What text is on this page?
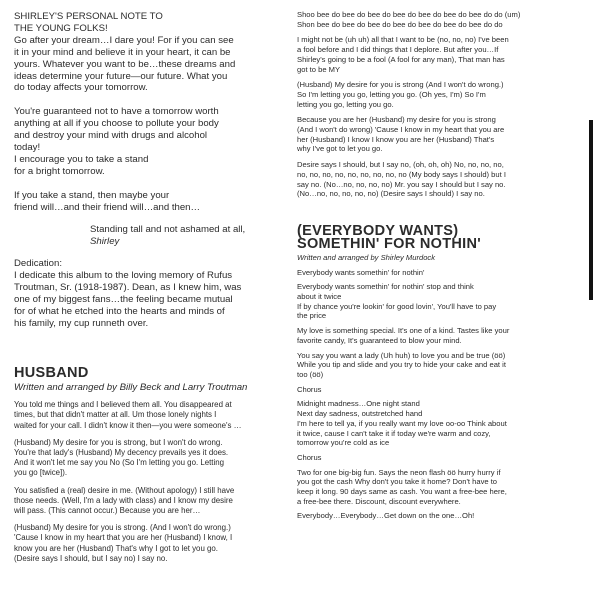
SHIRLEY'S PERSONAL NOTE TO
THE YOUNG FOLKS!

Go after your dream…I dare you! For if you can see
it in your mind and believe it in your heart, it can be
yours. Whatever you want to be…these dreams and
ideas determine your future—our future. What you
do today affects your tomorrow.

You're guaranteed not to have a tomorrow worth
anything at all if you choose to pollute your body
and destroy your mind with drugs and alcohol
today!

I encourage you to take a stand
for a bright tomorrow.

If you take a stand, then maybe your
friend will…and their friend will…and then…

Standing tall and not ashamed at all,
Shirley

Dedication:
I dedicate this album to the loving memory of Rufus
Troutman, Sr. (1918-1987). Dean, as I knew him, was
one of my biggest fans…the feeling became mutual
for of what he etched into the hearts and minds of
his family, my cup runneth over.

HUSBAND

Written and arranged by Billy Beck and Larry Troutman

You told me things and I believed them all. You disappeared at
times, but that didn't matter at all. Um those lonely nights I
waited for your call. I didn't know it then—you were someone's …

(Husband) My desire for you is strong, but I won't do wrong.
You're that lady's (Husband) My decency prevails yes it does.
And it won't let me say you No (So I'm letting you go. Letting
you go [twice]).

You satisfied a (real) desire in me. (Without apology) I still have
those needs. (Well, I'm a lady with class) and I know my desire
will pass. (This cannot occur.) Because you are her…

(Husband) My desire for you is strong. (And I won't do wrong.)
'Cause I know in my heart that you are her (Husband) I know, I
know you are her (Husband) That's why I got to let you go.
(Desire says I should, but I say no) I say no.

Shoo bee do bee do bee do bee do bee do bee do bee do do (um)
Shon bee do bee do bee do bee do bee do bee do bee do do

I might not be (uh uh) all that I want to be (no, no, no) I've been
a fool before and I did things that I deplore. But after you…If
Shirley's going to be a fool (A fool for any man), That man has
got to be MY

(Husband) My desire for you is strong (And I won't do wrong.)
So I'm letting you go, letting you go. (Oh yes, I'm) So I'm
letting you go, letting you go.

Because you are her (Husband) my desire for you is strong
(And I won't do wrong) 'Cause I know in my heart that you are
her (Husband) I know I know you are her (Husband) That's
why I've got to let you go.

Desire says I should, but I say no, (oh, oh, oh) No, no, no, no,
no, no, no, no, no, no, no, no, no (My body says I should) but I
say no. (No…no, no, no, no) Mr. you say I should but I say no.
(No…no, no, no, no, no) (Desire says I should) I say no.

(EVERYBODY WANTS)
SOMETHIN' FOR NOTHIN'

Written and arranged by Shirley Murdock

Everybody wants somethin' for nothin'

Everybody wants somethin' for nothin' stop and think
about it twice
If by chance you're lookin' for good lovin', You'll have to pay
the price

My love is something special. It's one of a kind. Tastes like your
favorite candy, It's guaranteed to blow your mind.

You say you want a lady (Uh huh) to love you and be true (öö)
While you tip and slide and you try to hide your cake and eat it
too (öö)

Chorus

Midnight madness…One night stand
Next day sadness, outstretched hand
I'm here to tell ya, if you really want my love oo-oo Think about
it twice, cause I can't take it if today we're warm and cozy,
tomorrow you're cold as ice

Chorus

Two for one big-big fun. Says the neon flash öö hurry hurry if
you got the cash Why don't you take it home? Don't have to
keep it long. 90 days same as cash. You want a free-bee here,
a free-bee there. Discount, discount everywhere.

Everybody…Everybody…Get down on the one…Oh!
